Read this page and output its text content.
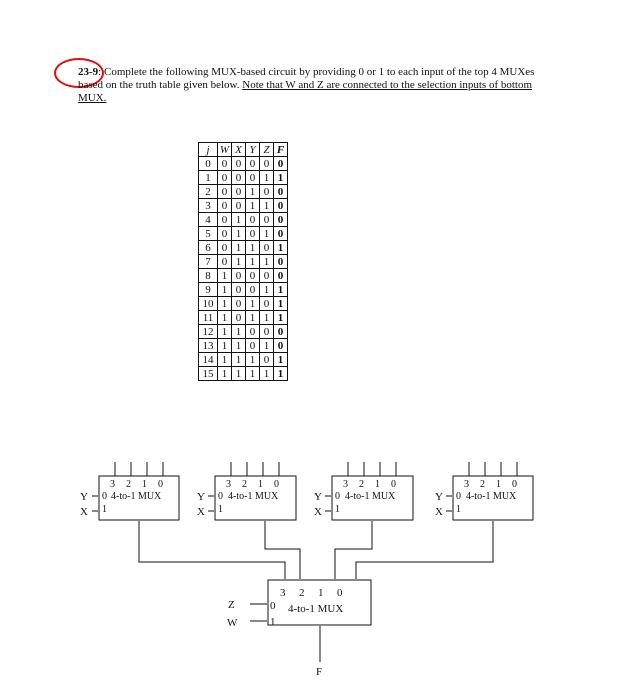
23-9: Complete the following MUX-based circuit by providing 0 or 1 to each input of the top 4 MUXes
based on the truth table given below. Note that W and Z are connected to the selection inputs of bottom
MUX.
j	W	X	Y	Z	F
0	0	0	0	0	0
1	0	0	0	1	1
2	0	0	1	0	0
3	0	0	1	1	0
4	0	1	0	0	0
5	0	1	0	1	0
6	0	1	1	0	1
7	0	1	1	1	0
8	1	0	0	0	0
9	1	0	0	1	1
10	1	0	1	0	1
11	1	0	1	1	1
12	1	1	0	0	0
13	1	1	0	1	0
14	1	1	1	0	1
15	1	1	1	1	1
3 2 1 0
0
1
4-to-1 MUX
Y
X
3 2 1 0
0
1
4-to-1 MUX
Y
X
3 2 1 0
0
1
4-to-1 MUX
Y
X
3 2 1 0
0
1
4-to-1 MUX
Y
X
3 2 1 0
0
1
4-to-1 MUX
Z
W
F
